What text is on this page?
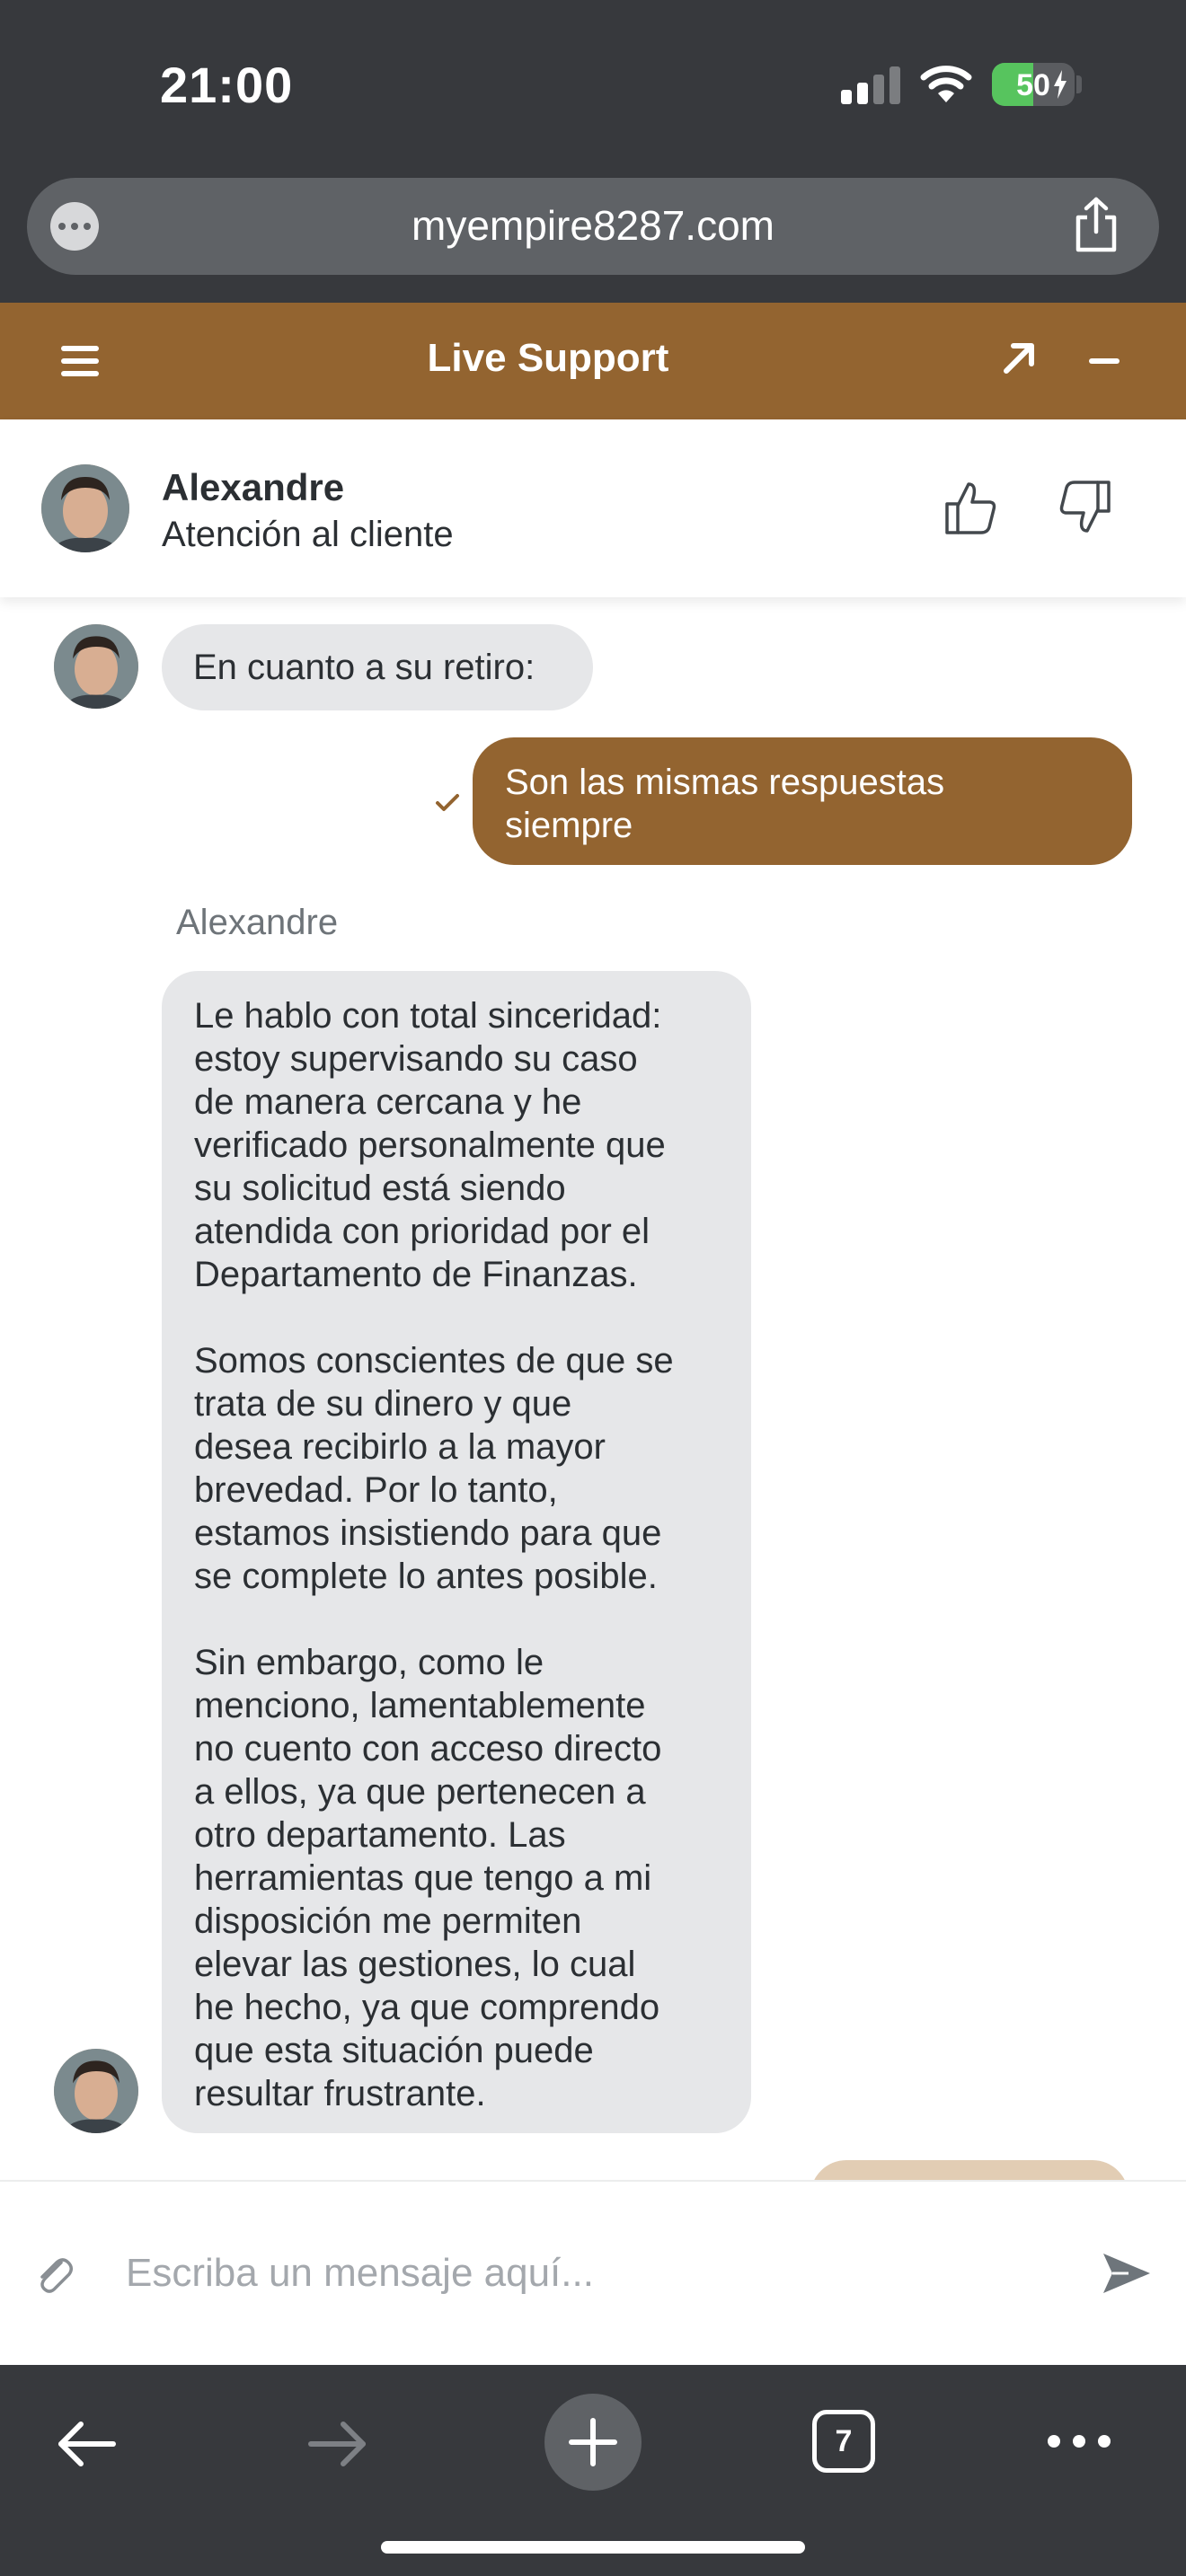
21:00	50
myempire8287.com
Live Support
Alexandre
Atención al cliente
En cuanto a su retiro:

Son las mismas respuestas
siempre

Alexandre

Le hablo con total sinceridad:
estoy supervisando su caso
de manera cercana y he
verificado personalmente que
su solicitud está siendo
atendida con prioridad por el
Departamento de Finanzas.

Somos conscientes de que se
trata de su dinero y que
desea recibirlo a la mayor
brevedad. Por lo tanto,
estamos insistiendo para que
se complete lo antes posible.

Sin embargo, como le
menciono, lamentablemente
no cuento con acceso directo
a ellos, ya que pertenecen a
otro departamento. Las
herramientas que tengo a mi
disposición me permiten
elevar las gestiones, lo cual
he hecho, ya que comprendo
que esta situación puede
resultar frustrante.

Escriba un mensaje aquí...
7
